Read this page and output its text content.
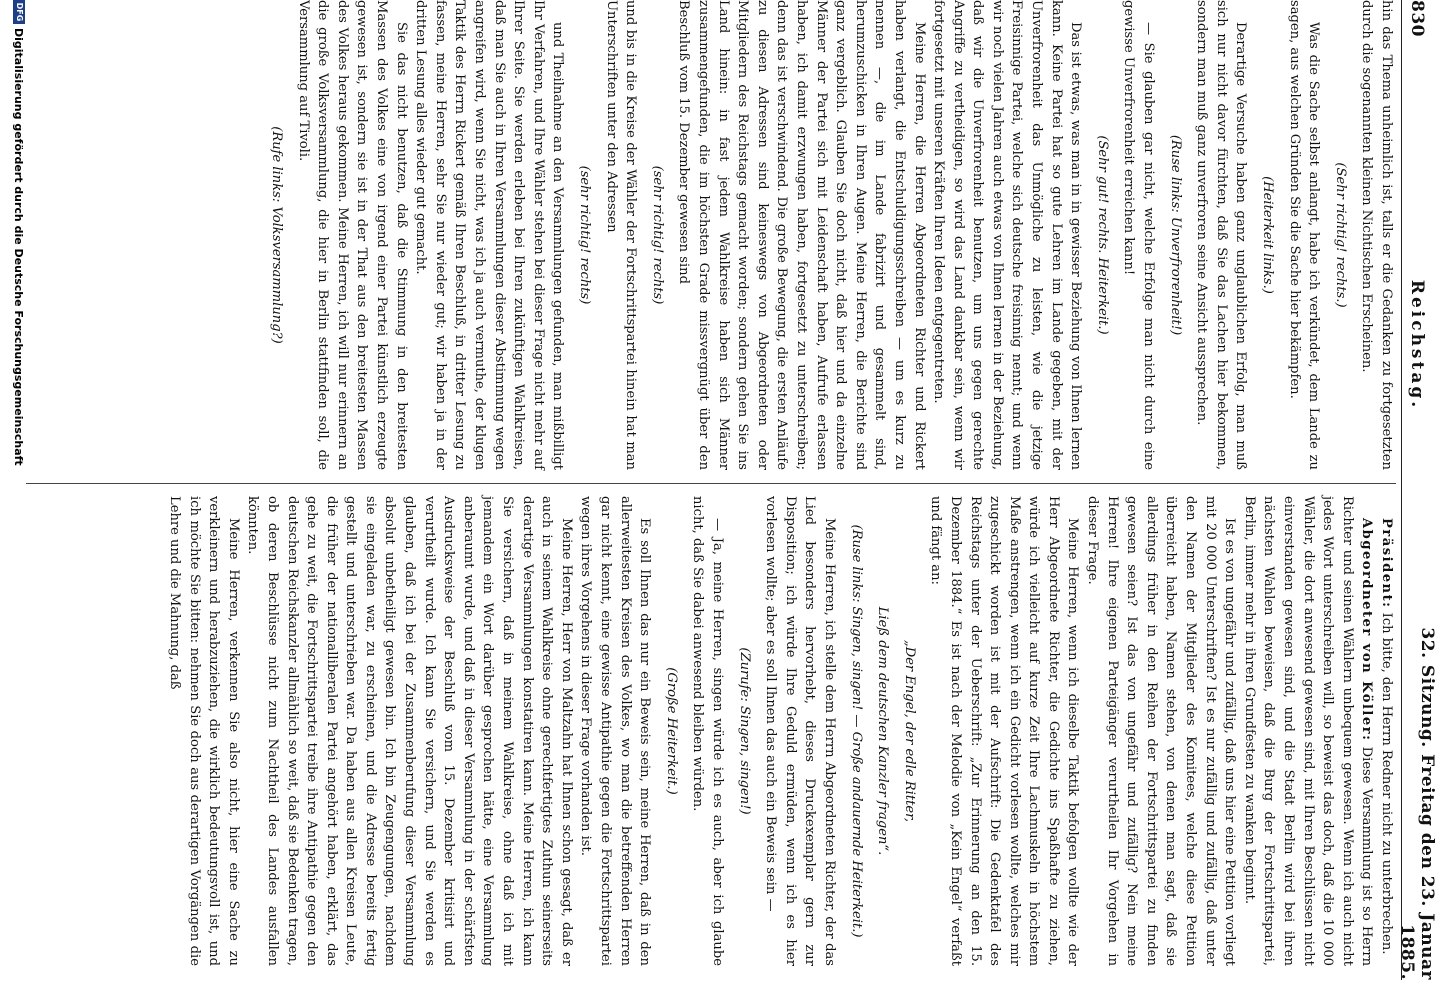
830
Reichstag.
32. Sitzung. Freitag den 23. Januar 1885.

hin das Thema unheimlich ist, talls er die Gedanken zu fortgesetzten durch die sogenannten kleinen Nichtischen Erscheinen.

(Sehr richtig! rechts.)

Was die Sache selbst anlangt, habe ich verkündet, dem Lande zu sagen, aus welchen Gründen Sie die Sache hier bekämpfen.

(Heiterkeit links.)

Derartige Versuche haben ganz unglaublichen Erfolg, man muß sich nur nicht davor fürchten, daß Sie das Lachen hier bekommen, sondern man muß ganz unverfroren seine Ansicht aussprechen.

(Ruse links: Unverfrorenheit!)

— Sie glauben gar nicht, welche Erfolge man nicht durch eine gewisse Unverfrorenheit erreichen kann!

(Sehr gut! rechts. Heiterkeit.)

Das ist etwas, was man in in gewisser Beziehung von Ihnen lernen kann. Keine Partei hat so gute Lehren im Lande gegeben, mit der Unverfrorenheit das Unmögliche zu leisten, wie die jetzige Freisinnige Partei, welche sich deutsche freisinnig nennt; und wenn wir noch vielen Jahren auch etwas von Ihnen lernen in der Beziehung, daß wir die Unverfrorenheit benutzen, um uns gegen gerechte Angriffe zu vertheidigen, so wird das Land dankbar sein, wenn wir fortgesetzt mit unseren Kräften Ihren Ideen entgegentreten.

Meine Herren, die Herren Abgeordneten Richter und Rickert haben verlangt, die Entschuldigungsschreiben — um es kurz zu nennen —, die im Lande fabrizirt und gesammelt sind, herumzuschicken in Ihren Augen. Meine Herren, die Berichte sind ganz vergeblich. Glauben Sie doch nicht, daß hier und da einzelne Männer der Partei sich mit Leidenschaft haben, Aufrufe erlassen haben, ich damit erzwungen haben, fortgesetzt zu unterschreiben; denn das ist verschwindend. Die große Bewegung, die ersten Anläufe zu diesen Adressen sind keineswegs von Abgeordneten oder Mitgliedern des Reichstags gemacht worden; sondern gehen Sie ins Land hinein: in fast jedem Wahlkreise haben sich Männer zusammengefunden, die im höchsten Grade missvergnügt über den Beschluß vom 15. Dezember gewesen sind

(sehr richtig! rechts)

und bis in die Kreise der Wähler der Fortschrittspartei hinein hat man Unterschriften unter den Adressen

(sehr richtig! rechts)

und Theilnahme an den Versammlungen gefunden, man mißbilligt Ihr Verfahren, und Ihre Wähler stehen bei dieser Frage nicht mehr auf Ihrer Seite. Sie werden erleben bei Ihren zukünftigen Wahlkreisen, daß man Sie auch in Ihren Versammlungen dieser Abstimmung wegen angreifen wird, wenn Sie nicht, was ich ja auch vermuthe, der klugen Taktik des Herrn Rickert gemäß Ihren Beschluß, in dritter Lesung zu fassen, meine Herren, sehr Sie nur wieder gut; wir haben ja in der dritten Lesung alles wieder gut gemacht.

Sie das nicht benutzen, daß die Stimmung in den breitesten Massen des Volkes eine von irgend einer Partei künstlich erzeugte gewesen ist, sondern sie ist in der That aus den breitesten Massen des Volkes heraus gekommen. Meine Herren, ich will nur erinnern an die große Volksversammlung, die hier in Berlin stattfinden soll, die Versammlung auf Tivoli.

(Rufe links: Volksversammlung?)

Präsident: Ich bitte, den Herrn Redner nicht zu unterbrechen.

Abgeordneter von Köller: Diese Versammlung ist so Herrn Richter und seinen Wählern unbequem gewesen. Wenn ich auch nicht jedes Wort unterschreiben will, so beweist das doch, daß die 10 000 Wähler, die dort anwesend gewesen sind, mit Ihren Beschlüssen nicht einverstanden gewesen sind, und die Stadt Berlin wird bei ihren nächsten Wahlen beweisen, daß die Burg der Fortschrittspartei, Berlin, immer mehr in ihren Grundfesten zu wanken beginnt.

Ist es von ungefähr und zufällig, daß uns hier eine Petition vorliegt mit 20 000 Unterschriften? Ist es nur zufällig und zufällig, daß unter den Namen der Mitglieder des Komitees, welche diese Petition überreicht haben, Namen stehen, von denen man sagt, daß sie allerdings früher in den Reihen der Fortschrittspartei zu finden gewesen seien? Ist das von ungefähr und zufällig? Nein meine Herren! Ihre eigenen Parteigänger verurtheilen Ihr Vorgehen in dieser Frage.

Meine Herren, wenn ich dieselbe Taktik befolgen wollte wie der Herr Abgeordnete Richter, die Gedichte ins Spaßhafte zu ziehen, würde ich vielleicht auf kurze Zeit Ihre Lachmuskeln in höchstem Maße anstrengen, wenn ich ein Gedicht vorlesen wollte, welches mir zugeschickt worden ist mit der Aufschrift: Die Gedenktafel des Reichstags unter der Ueberschrift: „Zur Erinnerung an den 15. Dezember 1884.“ Es ist nach der Melodie von „Kein Engel“ verfaßt und fängt an:

„Der Engel, der edle Ritter,

Ließ dem deutschen Kanzler fragen“.

(Ruse links: Singen, singen! — Große andauernde Heiterkeit.)

Meine Herren, ich stelle dem Herrn Abgeordneten Richter, der das Lied besonders hervorhebt, dieses Druckexemplar gern zur Disposition; ich würde Ihre Geduld ermüden, wenn ich es hier vorlesen wollte; aber es soll Ihnen das auch ein Beweis sein —

(Zurufe: Singen, singen!)

— Ja, meine Herren, singen würde ich es auch, aber ich glaube nicht, daß Sie dabei anwesend bleiben würden.

(Große Heiterkeit.)

Es soll Ihnen das nur ein Beweis sein, meine Herren, daß in den allerweitesten Kreisen des Volkes, wo man die betreffenden Herren gar nicht kennt, eine gewisse Antipathie gegen die Fortschrittspartei wegen ihres Vorgehens in dieser Frage vorhanden ist.

Meine Herren, Herr von Maltzahn hat Ihnen schon gesagt, daß er auch in seinem Wahlkreise ohne gerechtfertigtes Zuthun seinerseits derartige Versammlungen konstatiren kann. Meine Herren, ich kann Sie versichern, daß in meinem Wahlkreise, ohne daß ich mit jemandem ein Wort darüber gesprochen hätte, eine Versammlung anberaumt wurde, und daß in dieser Versammlung in der schärfsten Ausdrucksweise der Beschluß vom 15. Dezember kritisirt und verurtheilt wurde. Ich kann Sie versichern, und Sie werden es glauben, daß ich bei der Zusammenberufung dieser Versammlung absolut unbetheiligt gewesen bin. Ich bin Zeugengungen, nachdem sie eingeladen war, zu erscheinen, und die Adresse bereits fertig gestellt und unterschrieben war. Da haben aus allen Kreisen Leute, die früher der nationalliberalen Partei angehört haben, erklärt, das gehe zu weit, die Fortschrittspartei treibe ihre Antipathie gegen den deutschen Reichskanzler allmählich so weit, daß sie Bedenken tragen, ob deren Beschlüsse nicht zum Nachtheil des Landes ausfallen könnten.

Meine Herren, verkennen Sie also nicht, hier eine Sache zu verkleinern und herabzuziehen, die wirklich bedeutungsvoll ist, und ich möchte Sie bitten: nehmen Sie doch aus derartigen Vorgängen die Lehre und die Mahnung, daß

DFG
Digitalisierung gefördert durch die Deutsche Forschungsgemeinschaft
